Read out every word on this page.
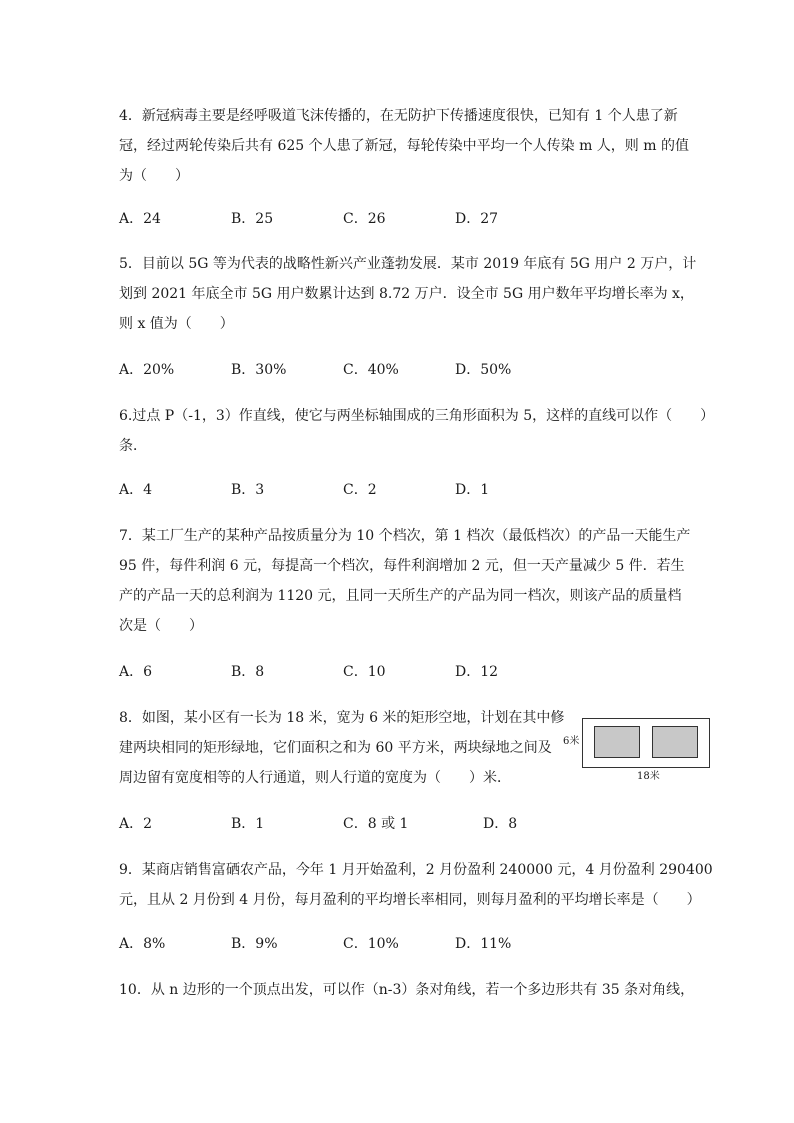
4．新冠病毒主要是经呼吸道飞沫传播的，在无防护下传播速度很快，已知有 1 个人患了新

冠，经过两轮传染后共有 625 个人患了新冠，每轮传染中平均一个人传染 m 人，则 m 的值

为（　　）

A．24	B．25	C．26	D．27

5．目前以 5G 等为代表的战略性新兴产业蓬勃发展．某市 2019 年底有 5G 用户 2 万户，计

划到 2021 年底全市 5G 用户数累计达到 8.72 万户．设全市 5G 用户数年平均增长率为 x，

则 x 值为（　　）

A．20%	B．30%	C．40%	D．50%

6.过点 P（-1，3）作直线，使它与两坐标轴围成的三角形面积为 5，这样的直线可以作（　　）

条．

A．4	B．3	C．2	D．1

7．某工厂生产的某种产品按质量分为 10 个档次，第 1 档次（最低档次）的产品一天能生产

95 件，每件利润 6 元，每提高一个档次，每件利润增加 2 元，但一天产量减少 5 件．若生

产的产品一天的总利润为 1120 元，且同一天所生产的产品为同一档次，则该产品的质量档

次是（　　）

A．6	B．8	C．10	D．12

8．如图，某小区有一长为 18 米，宽为 6 米的矩形空地，计划在其中修

建两块相同的矩形绿地，它们面积之和为 60 平方米，两块绿地之间及

周边留有宽度相等的人行通道，则人行道的宽度为（　　）米．

6米
18米
A．2	B．1	C．8 或 1	D．8

9．某商店销售富硒农产品，今年 1 月开始盈利，2 月份盈利 240000 元，4 月份盈利 290400

元，且从 2 月份到 4 月份，每月盈利的平均增长率相同，则每月盈利的平均增长率是（　　）

A．8%	B．9%	C．10%	D．11%

10．从 n 边形的一个顶点出发，可以作（n-3）条对角线，若一个多边形共有 35 条对角线，
